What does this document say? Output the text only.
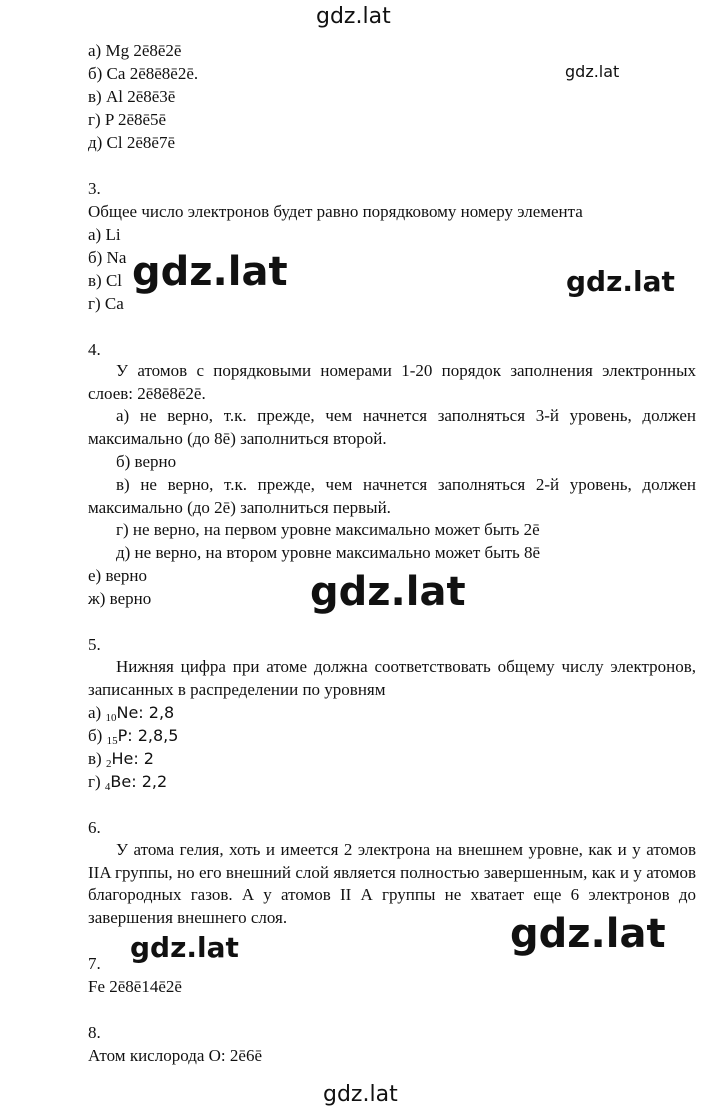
gdz.lat
gdz.lat
gdz.lat	gdz.lat
gdz.lat
gdz.lat	gdz.lat
gdz.lat
а) Mg 2ē8ē2ē
б) Ca 2ē8ē8ē2ē.
в) Al 2ē8ē3ē
г) P 2ē8ē5ē
д) Cl 2ē8ē7ē
3.
Общее число электронов будет равно порядковому номеру элемента
а) Li
б) Na
в) Cl
г) Ca
4.
У атомов с порядковыми номерами 1-20 порядок заполнения электронных слоев: 2ē8ē8ē2ē.
а) не верно, т.к. прежде, чем начнется заполняться 3-й уровень, должен максимально (до 8ē) заполниться второй.
б) верно
в) не верно, т.к. прежде, чем начнется заполняться 2-й уровень, должен максимально (до 2ē) заполниться первый.
г) не верно, на первом уровне максимально может быть 2ē
д) не верно, на втором уровне максимально может быть 8ē
е) верно
ж) верно
5.
Нижняя цифра при атоме должна соответствовать общему числу электронов, записанных в распределении по уровням
а) $_{10}$Ne: 2,8
б) $_{15}$P: 2,8,5
в) $_2$He: 2
г) $_4$Be: 2,2
6.
У атома гелия, хоть и имеется 2 электрона на внешнем уровне, как и у атомов IIA группы, но его внешний слой является полностью завершенным, как и у атомов благородных газов. А у атомов II А группы не хватает еще 6 электронов до завершения внешнего слоя.
7.
Fe 2ē8ē14ē2ē
8.
Атом кислорода О: 2ē6ē
